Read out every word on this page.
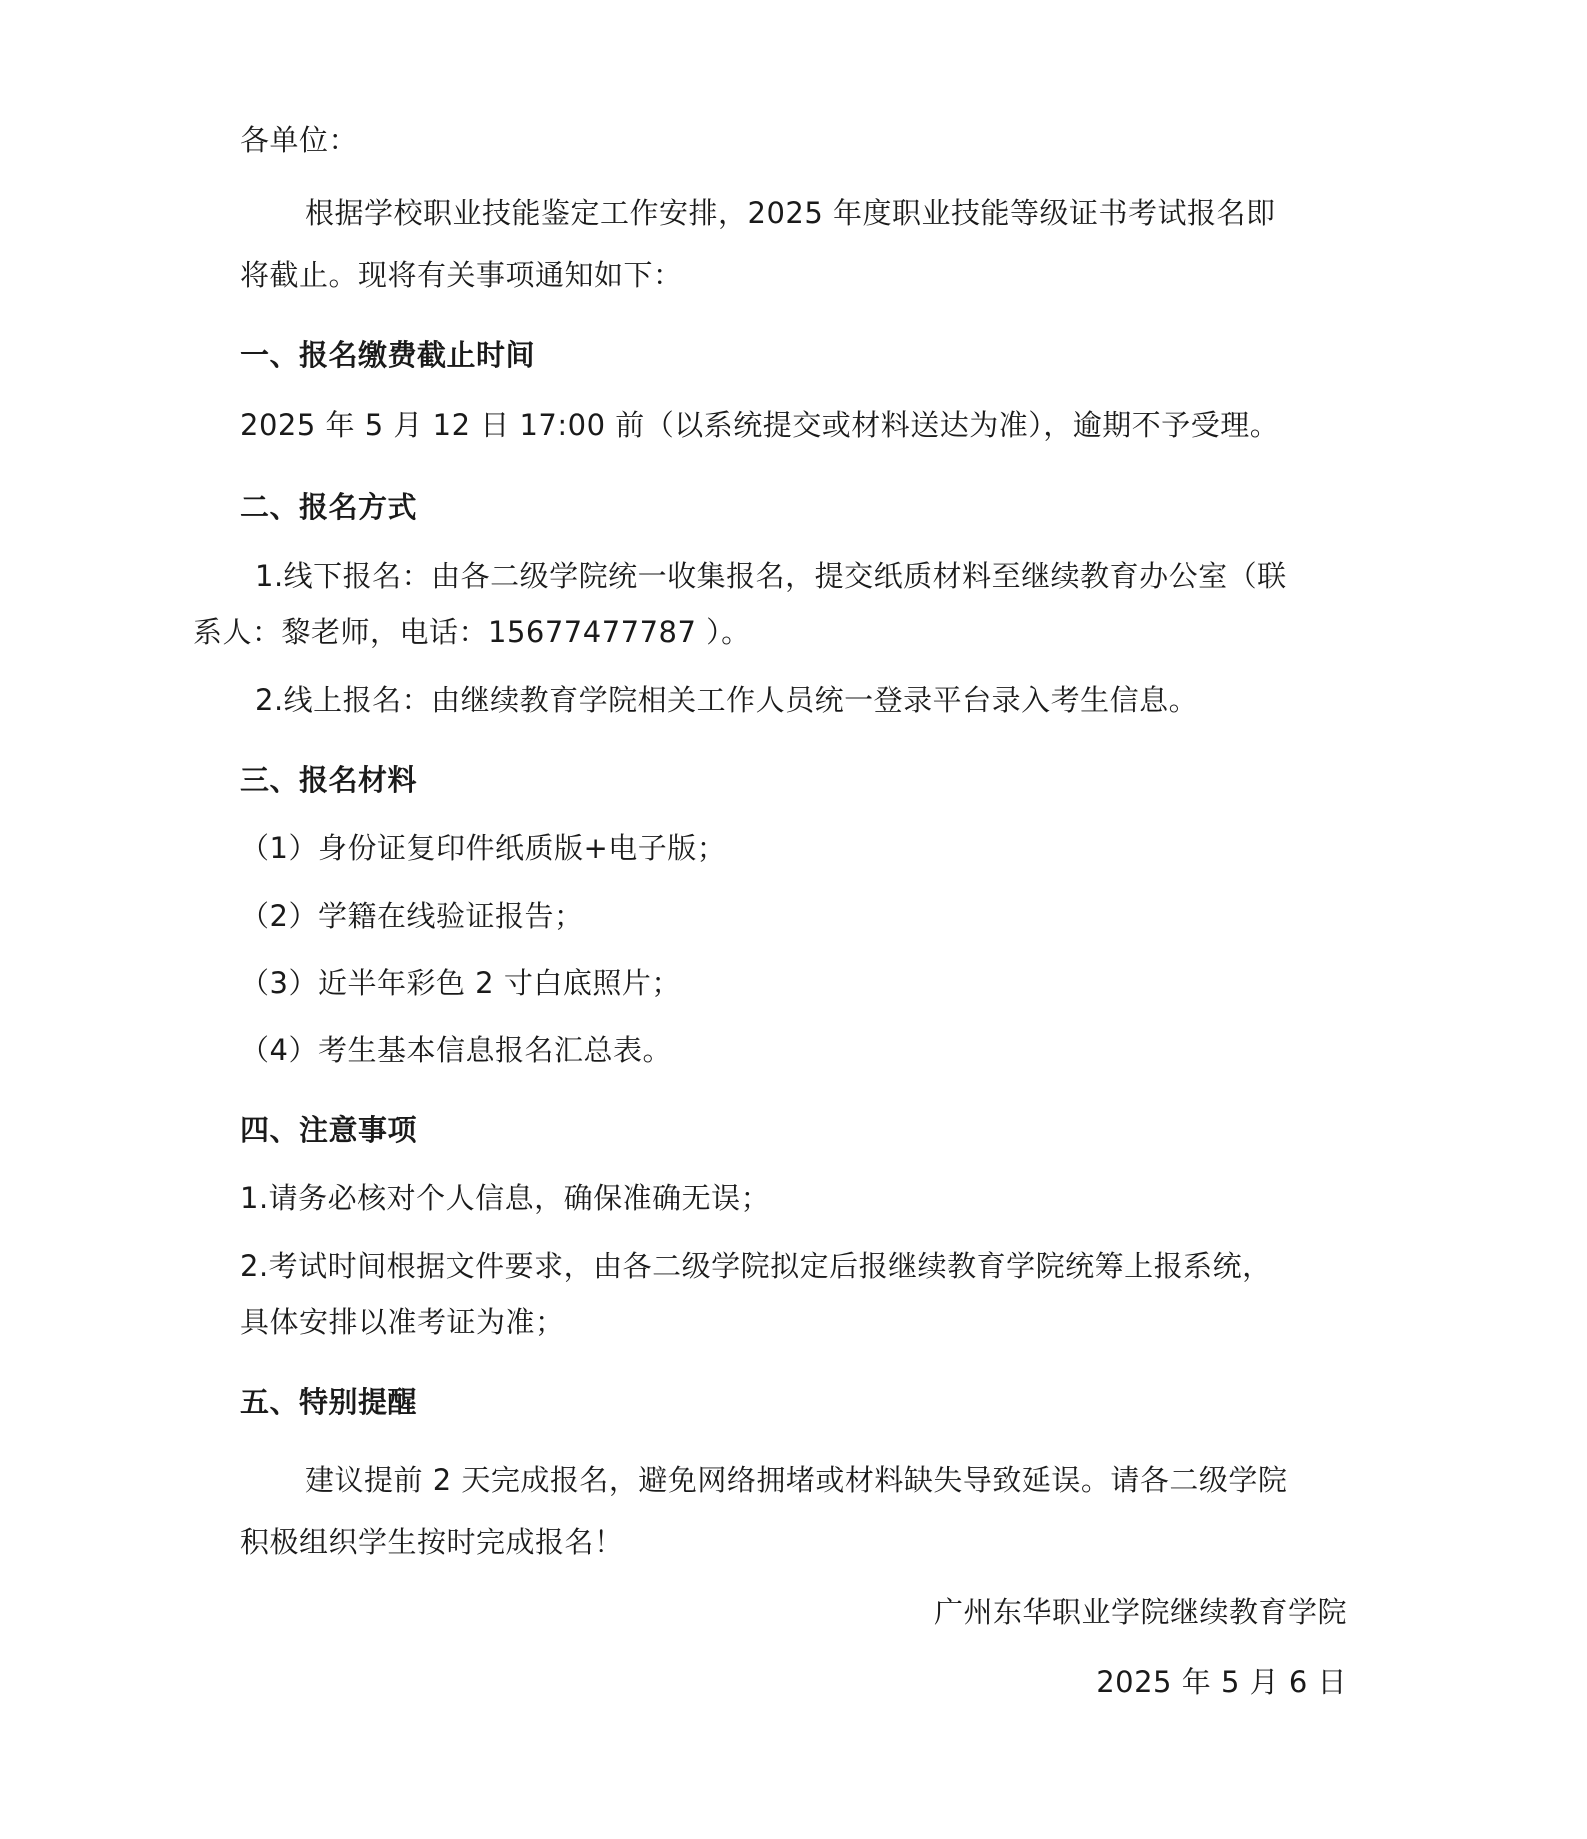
各单位：
根据学校职业技能鉴定工作安排，2025 年度职业技能等级证书考试报名即
将截止。现将有关事项通知如下：
一、报名缴费截止时间
2025 年 5 月 12 日 17:00 前（以系统提交或材料送达为准），逾期不予受理。
二、报名方式
1.线下报名：由各二级学院统一收集报名，提交纸质材料至继续教育办公室（联
系人：黎老师，电话：15677477787 ）。
2.线上报名：由继续教育学院相关工作人员统一登录平台录入考生信息。
三、报名材料
（1）身份证复印件纸质版+电子版；
（2）学籍在线验证报告；
（3）近半年彩色 2 寸白底照片；
（4）考生基本信息报名汇总表。
四、注意事项
1.请务必核对个人信息，确保准确无误；
2.考试时间根据文件要求，由各二级学院拟定后报继续教育学院统筹上报系统，
具体安排以准考证为准；
五、特别提醒
建议提前 2 天完成报名，避免网络拥堵或材料缺失导致延误。请各二级学院
积极组织学生按时完成报名！
广州东华职业学院继续教育学院
2025 年 5 月 6 日
